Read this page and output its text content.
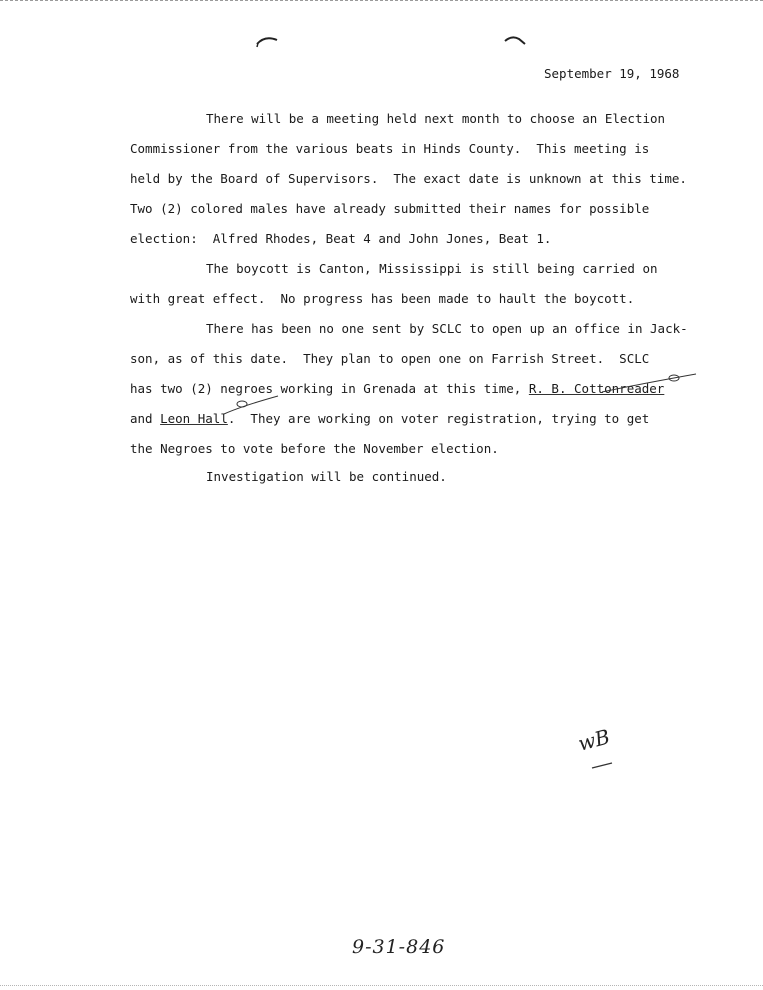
September 19, 1968
There will be a meeting held next month to choose an Election
Commissioner from the various beats in Hinds County.  This meeting is
held by the Board of Supervisors.  The exact date is unknown at this time.
Two (2) colored males have already submitted their names for possible
election:  Alfred Rhodes, Beat 4 and John Jones, Beat 1.
The boycott is Canton, Mississippi is still being carried on
with great effect.  No progress has been made to hault the boycott.
There has been no one sent by SCLC to open up an office in Jack-
son, as of this date.  They plan to open one on Farrish Street.  SCLC
has two (2) negroes working in Grenada at this time, R. B. Cottonreader
and Leon Hall.  They are working on voter registration, trying to get
the Negroes to vote before the November election.
Investigation will be continued.
wB
9-31-846
